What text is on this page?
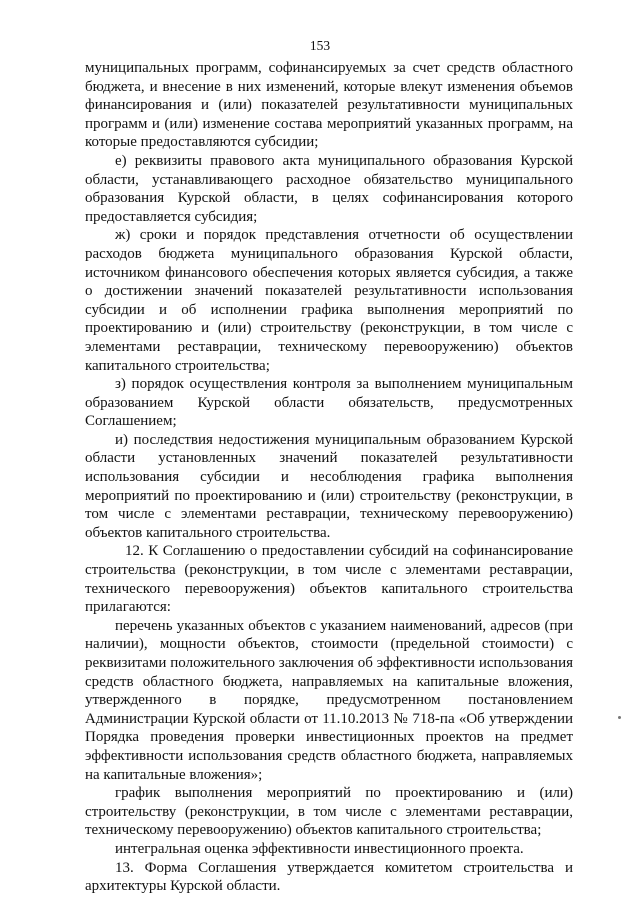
153

муниципальных программ, софинансируемых за счет средств областного бюджета, и внесение в них изменений, которые влекут изменения объемов финансирования и (или) показателей результативности муниципальных программ и (или) изменение состава мероприятий указанных программ, на которые предоставляются субсидии;

е) реквизиты правового акта муниципального образования Курской области, устанавливающего расходное обязательство муниципального образования Курской области, в целях софинансирования которого предоставляется субсидия;

ж) сроки и порядок представления отчетности об осуществлении расходов бюджета муниципального образования Курской области, источником финансового обеспечения которых является субсидия, а также о достижении значений показателей результативности использования субсидии и об исполнении графика выполнения мероприятий по проектированию и (или) строительству (реконструкции, в том числе с элементами реставрации, техническому перевооружению) объектов капитального строительства;

з) порядок осуществления контроля за выполнением муниципальным образованием Курской области обязательств, предусмотренных Соглашением;

и) последствия недостижения муниципальным образованием Курской области установленных значений показателей результативности использования субсидии и несоблюдения графика выполнения мероприятий по проектированию и (или) строительству (реконструкции, в том числе с элементами реставрации, техническому перевооружению) объектов капитального строительства.

12. К Соглашению о предоставлении субсидий на софинансирование строительства (реконструкции, в том числе с элементами реставрации, технического перевооружения) объектов капитального строительства прилагаются:

перечень указанных объектов с указанием наименований, адресов (при наличии), мощности объектов, стоимости (предельной стоимости) с реквизитами положительного заключения об эффективности использования средств областного бюджета, направляемых на капитальные вложения, утвержденного в порядке, предусмотренном постановлением Администрации Курской области от 11.10.2013 № 718-па «Об утверждении Порядка проведения проверки инвестиционных проектов на предмет эффективности использования средств областного бюджета, направляемых на капитальные вложения»;

график выполнения мероприятий по проектированию и (или) строительству (реконструкции, в том числе с элементами реставрации, техническому перевооружению) объектов капитального строительства;

интегральная оценка эффективности инвестиционного проекта.

13. Форма Соглашения утверждается комитетом строительства и архитектуры Курской области.
